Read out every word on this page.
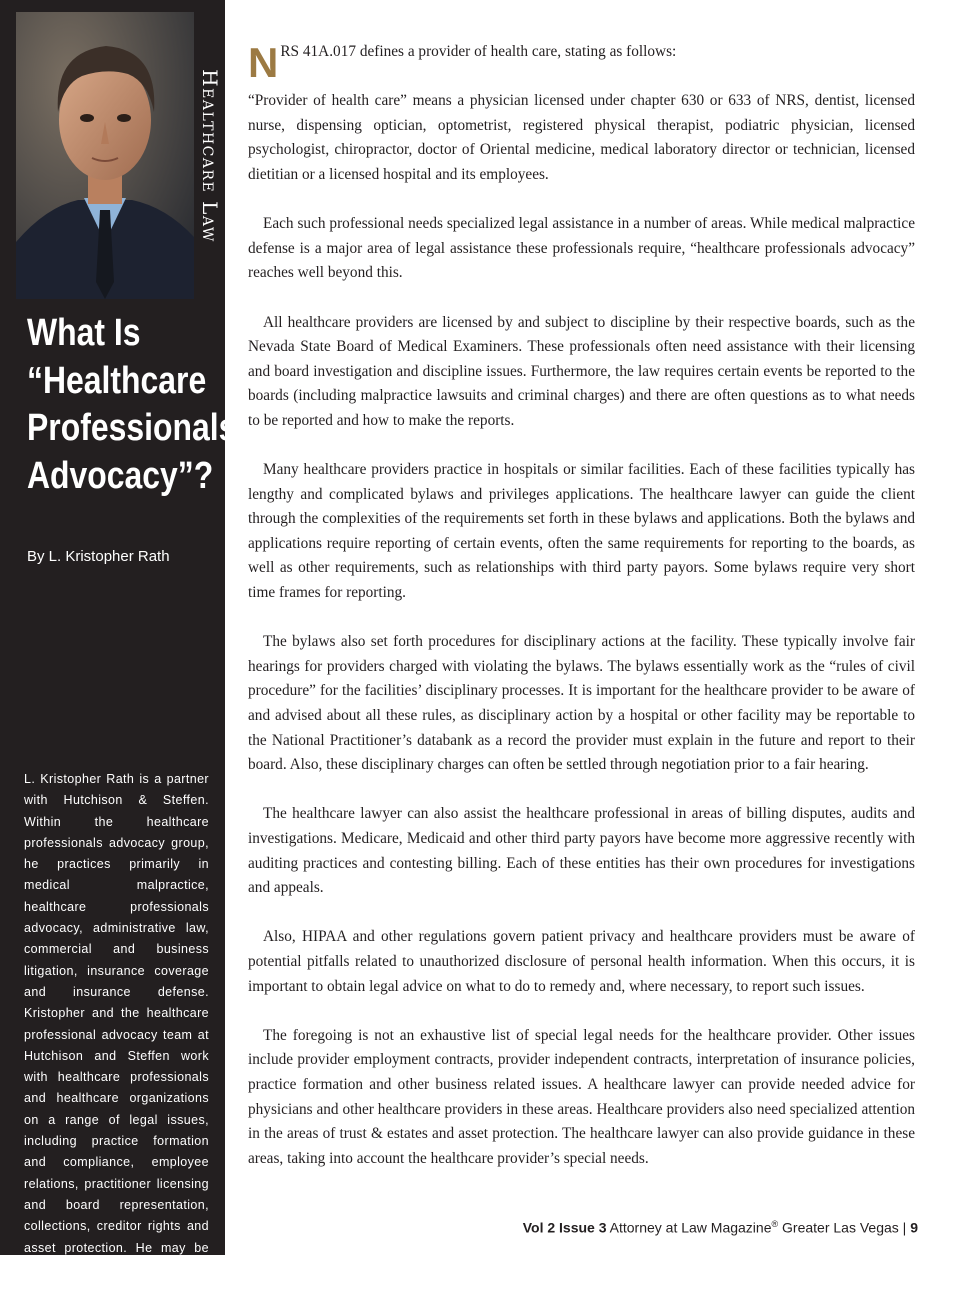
Healthcare Law
What Is
“Healthcare
Professionals
Advocacy”?
By L. Kristopher Rath
L. Kristopher Rath is a partner with Hutchison & Steffen. Within the healthcare professionals advocacy group, he practices primarily in medical malpractice, healthcare professionals advocacy, administrative law, commercial and business litigation, insurance coverage and insurance defense. Kristopher and the healthcare professional advocacy team at Hutchison and Steffen work with healthcare professionals and healthcare organizations on a range of legal issues, including practice formation and compliance, employee relations, practitioner licensing and board representation, collections, creditor rights and asset protection. He may be reached at hutchlegal.com or (702)385-2500.

NRS 41A.017 defines a provider of health care, stating as follows:

“Provider of health care” means a physician licensed under chapter 630 or 633 of NRS, dentist, licensed nurse, dispensing optician, optometrist, registered physical therapist, podiatric physician, licensed psychologist, chiropractor, doctor of Oriental medicine, medical laboratory director or technician, licensed dietitian or a licensed hospital and its employees.

Each such professional needs specialized legal assistance in a number of areas. While medical malpractice defense is a major area of legal assistance these professionals require, “healthcare professionals advocacy” reaches well beyond this.

All healthcare providers are licensed by and subject to discipline by their respective boards, such as the Nevada State Board of Medical Examiners. These professionals often need assistance with their licensing and board investigation and discipline issues. Furthermore, the law requires certain events be reported to the boards (including malpractice lawsuits and criminal charges) and there are often questions as to what needs to be reported and how to make the reports.

Many healthcare providers practice in hospitals or similar facilities. Each of these facilities typically has lengthy and complicated bylaws and privileges applications. The healthcare lawyer can guide the client through the complexities of the requirements set forth in these bylaws and applications. Both the bylaws and applications require reporting of certain events, often the same requirements for reporting to the boards, as well as other requirements, such as relationships with third party payors. Some bylaws require very short time frames for reporting.

The bylaws also set forth procedures for disciplinary actions at the facility. These typically involve fair hearings for providers charged with violating the bylaws. The bylaws essentially work as the “rules of civil procedure” for the facilities’ disciplinary processes. It is important for the healthcare provider to be aware of and advised about all these rules, as disciplinary action by a hospital or other facility may be reportable to the National Practitioner’s databank as a record the provider must explain in the future and report to their board. Also, these disciplinary charges can often be settled through negotiation prior to a fair hearing.

The healthcare lawyer can also assist the healthcare professional in areas of billing disputes, audits and investigations. Medicare, Medicaid and other third party payors have become more aggressive recently with auditing practices and contesting billing. Each of these entities has their own procedures for investigations and appeals.

Also, HIPAA and other regulations govern patient privacy and healthcare providers must be aware of potential pitfalls related to unauthorized disclosure of personal health information. When this occurs, it is important to obtain legal advice on what to do to remedy and, where necessary, to report such issues.

The foregoing is not an exhaustive list of special legal needs for the healthcare provider. Other issues include provider employment contracts, provider independent contracts, interpretation of insurance policies, practice formation and other business related issues. A healthcare lawyer can provide needed advice for physicians and other healthcare providers in these areas. Healthcare providers also need specialized attention in the areas of trust & estates and asset protection. The healthcare lawyer can also provide guidance in these areas, taking into account the healthcare provider’s special needs.

Vol 2 Issue 3 Attorney at Law Magazine® Greater Las Vegas | 9
